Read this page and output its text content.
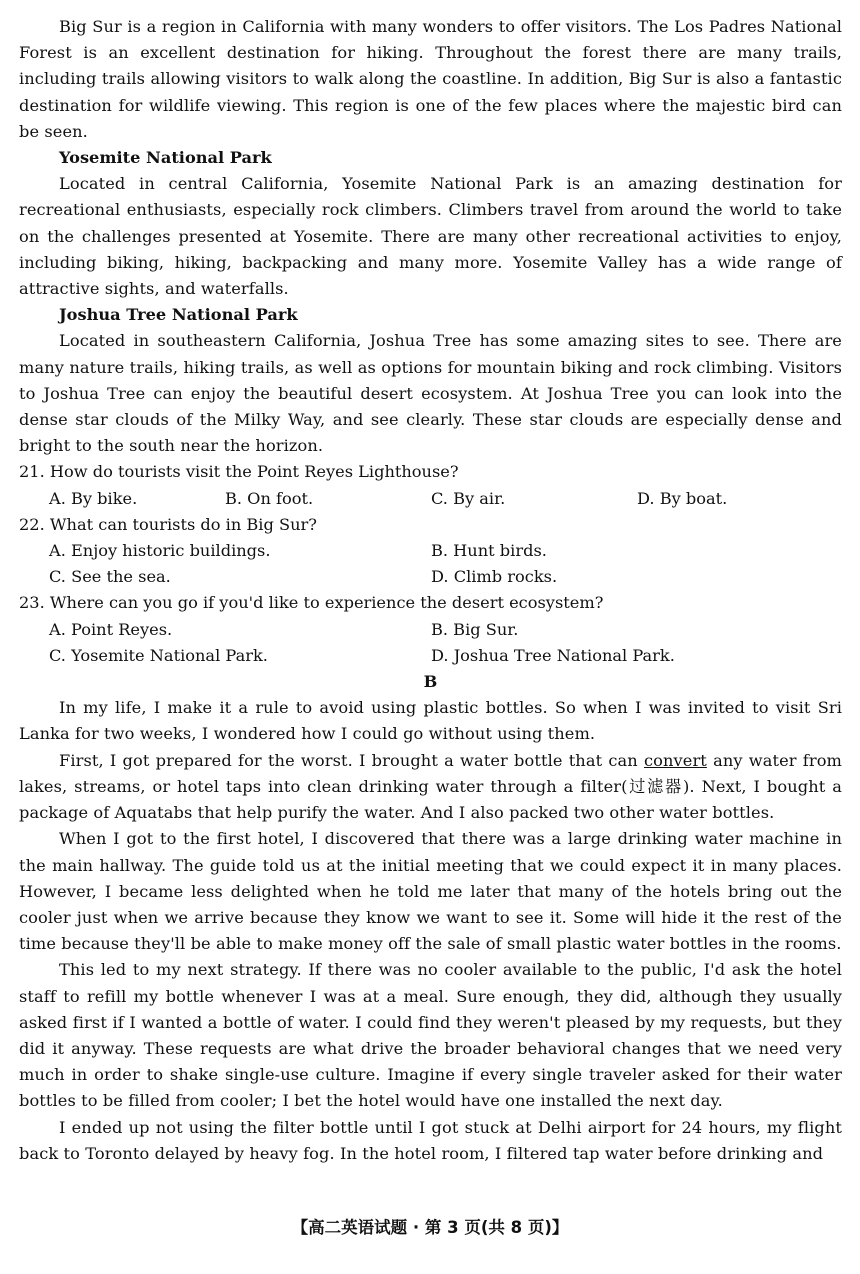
Big Sur is a region in California with many wonders to offer visitors. The Los Padres National Forest is an excellent destination for hiking. Throughout the forest there are many trails, including trails allowing visitors to walk along the coastline. In addition, Big Sur is also a fantastic destination for wildlife viewing. This region is one of the few places where the majestic bird can be seen.

Yosemite National Park

Located in central California, Yosemite National Park is an amazing destination for recreational enthusiasts, especially rock climbers. Climbers travel from around the world to take on the challenges presented at Yosemite. There are many other recreational activities to enjoy, including biking, hiking, backpacking and many more. Yosemite Valley has a wide range of attractive sights, and waterfalls.

Joshua Tree National Park

Located in southeastern California, Joshua Tree has some amazing sites to see. There are many nature trails, hiking trails, as well as options for mountain biking and rock climbing. Visitors to Joshua Tree can enjoy the beautiful desert ecosystem. At Joshua Tree you can look into the dense star clouds of the Milky Way, and see clearly. These star clouds are especially dense and bright to the south near the horizon.

21. How do tourists visit the Point Reyes Lighthouse?

A. By bike.	B. On foot.	C. By air.	D. By boat.

22. What can tourists do in Big Sur?

A. Enjoy historic buildings.	B. Hunt birds.
C. See the sea.	D. Climb rocks.

23. Where can you go if you'd like to experience the desert ecosystem?

A. Point Reyes.	B. Big Sur.
C. Yosemite National Park.	D. Joshua Tree National Park.

B

In my life, I make it a rule to avoid using plastic bottles. So when I was invited to visit Sri Lanka for two weeks, I wondered how I could go without using them.

First, I got prepared for the worst. I brought a water bottle that can convert any water from lakes, streams, or hotel taps into clean drinking water through a filter(过滤器). Next, I bought a package of Aquatabs that help purify the water. And I also packed two other water bottles.

When I got to the first hotel, I discovered that there was a large drinking water machine in the main hallway. The guide told us at the initial meeting that we could expect it in many places. However, I became less delighted when he told me later that many of the hotels bring out the cooler just when we arrive because they know we want to see it. Some will hide it the rest of the time because they'll be able to make money off the sale of small plastic water bottles in the rooms.

This led to my next strategy. If there was no cooler available to the public, I'd ask the hotel staff to refill my bottle whenever I was at a meal. Sure enough, they did, although they usually asked first if I wanted a bottle of water. I could find they weren't pleased by my requests, but they did it anyway. These requests are what drive the broader behavioral changes that we need very much in order to shake single-use culture. Imagine if every single traveler asked for their water bottles to be filled from cooler; I bet the hotel would have one installed the next day.

I ended up not using the filter bottle until I got stuck at Delhi airport for 24 hours, my flight back to Toronto delayed by heavy fog. In the hotel room, I filtered tap water before drinking and

【高二英语试题 · 第 3 页(共 8 页)】
